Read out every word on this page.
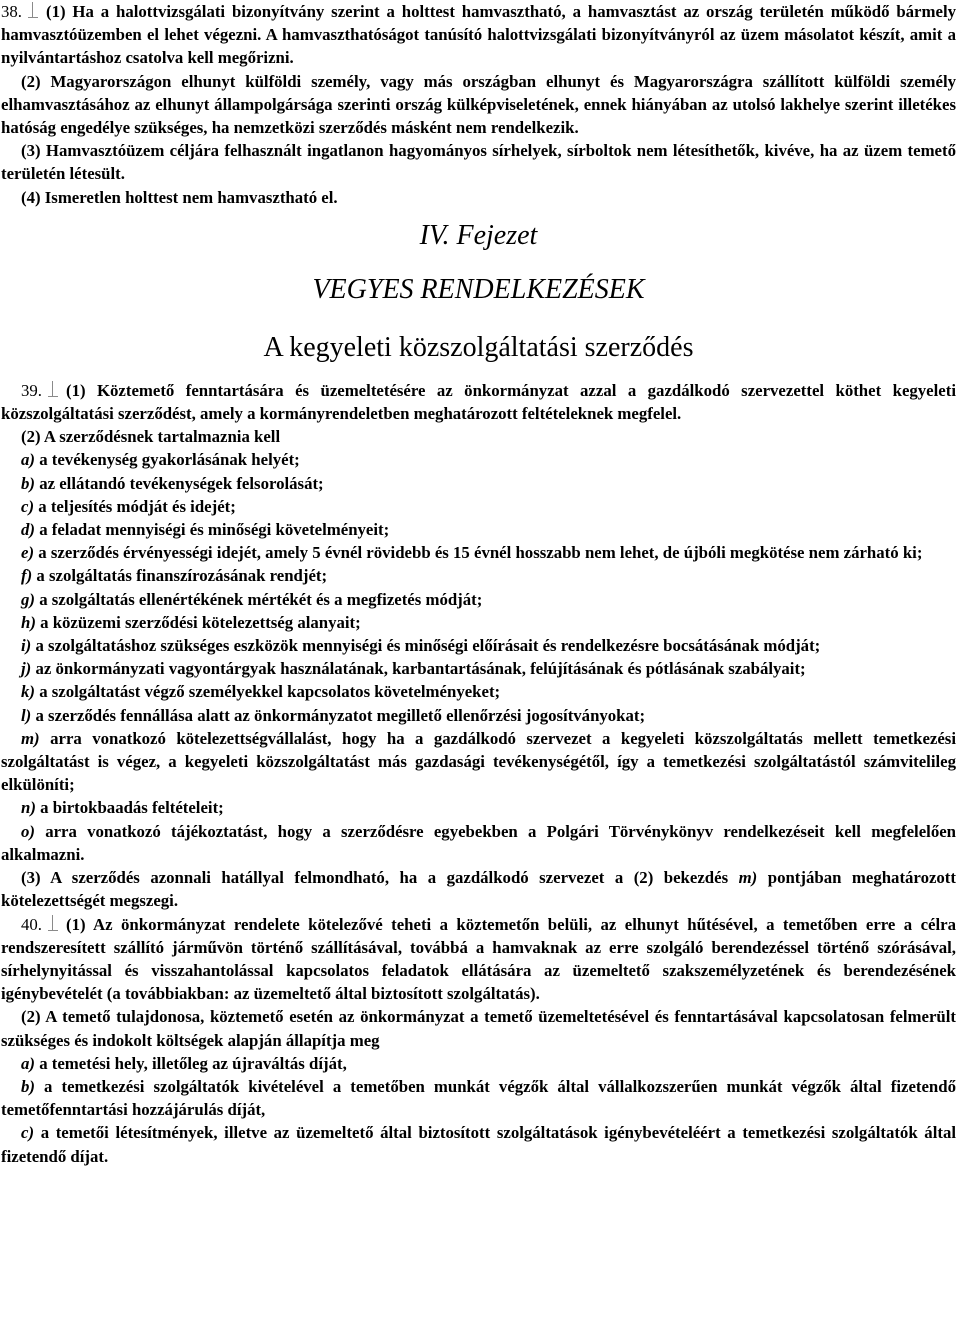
38. (1) Ha a halottvizsgálati bizonyítvány szerint a holttest hamvasztható, a hamvasztást az ország területén működő bármely hamvasztóüzemben el lehet végezni. A hamvaszthatóságot tanúsító halottvizsgálati bizonyítványról az üzem másolatot készít, amit a nyilvántartáshoz csatolva kell megőrizni.

(2) Magyarországon elhunyt külföldi személy, vagy más országban elhunyt és Magyarországra szállított külföldi személy elhamvasztásához az elhunyt állampolgársága szerinti ország külképviseletének, ennek hiányában az utolsó lakhelye szerint illetékes hatóság engedélye szükséges, ha nemzetközi szerződés másként nem rendelkezik.

(3) Hamvasztóüzem céljára felhasznált ingatlanon hagyományos sírhelyek, sírboltok nem létesíthetők, kivéve, ha az üzem temető területén létesült.

(4) Ismeretlen holttest nem hamvasztható el.

IV. Fejezet
VEGYES RENDELKEZÉSEK
A kegyeleti közszolgáltatási szerződés

39. (1) Köztemető fenntartására és üzemeltetésére az önkormányzat azzal a gazdálkodó szervezettel köthet kegyeleti közszolgáltatási szerződést, amely a kormányrendeletben meghatározott feltételeknek megfelel.

(2) A szerződésnek tartalmaznia kell

a) a tevékenység gyakorlásának helyét;

b) az ellátandó tevékenységek felsorolását;

c) a teljesítés módját és idejét;

d) a feladat mennyiségi és minőségi követelményeit;

e) a szerződés érvényességi idejét, amely 5 évnél rövidebb és 15 évnél hosszabb nem lehet, de újbóli megkötése nem zárható ki;

f) a szolgáltatás finanszírozásának rendjét;

g) a szolgáltatás ellenértékének mértékét és a megfizetés módját;

h) a közüzemi szerződési kötelezettség alanyait;

i) a szolgáltatáshoz szükséges eszközök mennyiségi és minőségi előírásait és rendelkezésre bocsátásának módját;

j) az önkormányzati vagyontárgyak használatának, karbantartásának, felújításának és pótlásának szabályait;

k) a szolgáltatást végző személyekkel kapcsolatos követelményeket;

l) a szerződés fennállása alatt az önkormányzatot megillető ellenőrzési jogosítványokat;

m) arra vonatkozó kötelezettségvállalást, hogy ha a gazdálkodó szervezet a kegyeleti közszolgáltatás mellett temetkezési szolgáltatást is végez, a kegyeleti közszolgáltatást más gazdasági tevékenységétől, így a temetkezési szolgáltatástól számvitelileg elkülöníti;

n) a birtokbaadás feltételeit;

o) arra vonatkozó tájékoztatást, hogy a szerződésre egyebekben a Polgári Törvénykönyv rendelkezéseit kell megfelelően alkalmazni.

(3) A szerződés azonnali hatállyal felmondható, ha a gazdálkodó szervezet a (2) bekezdés m) pontjában meghatározott kötelezettségét megszegi.

40. (1) Az önkormányzat rendelete kötelezővé teheti a köztemetőn belüli, az elhunyt hűtésével, a temetőben erre a célra rendszeresített szállító járművön történő szállításával, továbbá a hamvaknak az erre szolgáló berendezéssel történő szórásával, sírhelynyitással és visszahantolással kapcsolatos feladatok ellátására az üzemeltető szakszemélyzetének és berendezésének igénybevételét (a továbbiakban: az üzemeltető által biztosított szolgáltatás).

(2) A temető tulajdonosa, köztemető esetén az önkormányzat a temető üzemeltetésével és fenntartásával kapcsolatosan felmerült szükséges és indokolt költségek alapján állapítja meg

a) a temetési hely, illetőleg az újraváltás díját,

b) a temetkezési szolgáltatók kivételével a temetőben munkát végzők által vállalkozszerűen munkát végzők által fizetendő temetőfenntartási hozzájárulás díját,

c) a temetői létesítmények, illetve az üzemeltető által biztosított szolgáltatások igénybevételéért a temetkezési szolgáltatók által fizetendő díjat.
